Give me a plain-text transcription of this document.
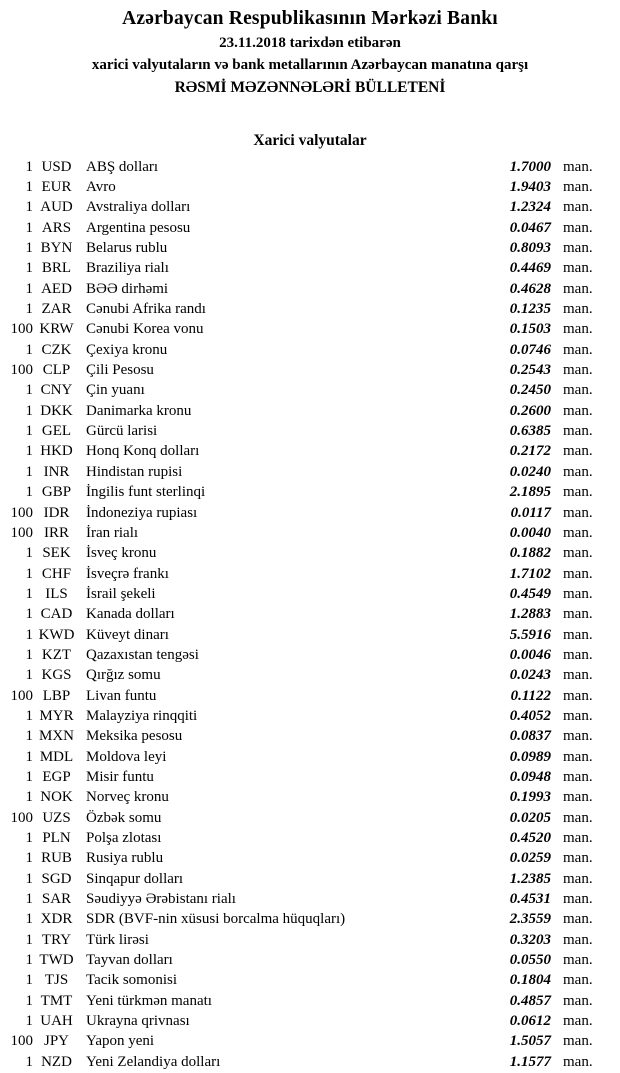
Azərbaycan Respublikasının Mərkəzi Bankı
23.11.2018 tarixdən etibarən
xarici valyutaların və bank metallarının Azərbaycan manatına qarşı
RƏSMİ MƏZƏNNƏLƏRİ BÜLLETENİ
Xarici valyutalar
1 USD ABŞ dolları	1.7000 man.
1 EUR Avro	1.9403 man.
1 AUD Avstraliya dolları	1.2324 man.
1 ARS Argentina pesosu	0.0467 man.
1 BYN Belarus rublu	0.8093 man.
1 BRL Braziliya rialı	0.4469 man.
1 AED BƏƏ dirhəmi	0.4628 man.
1 ZAR Cənubi Afrika randı	0.1235 man.
100 KRW Cənubi Korea vonu	0.1503 man.
1 CZK Çexiya kronu	0.0746 man.
100 CLP	Çili Pesosu	0.2543 man.
1 CNY Çin yuanı	0.2450 man.
1 DKK Danimarka kronu	0.2600 man.
1 GEL Gürcü larisi	0.6385 man.
1 HKD Honq Konq dolları	0.2172 man.
1 INR	Hindistan rupisi	0.0240 man.
1 GBP İngilis funt sterlinqi	2.1895 man.
100 IDR	İndoneziya rupiası	0.0117 man.
100 IRR	İran rialı	0.0040 man.
1 SEK	İsveç kronu	0.1882 man.
1 CHF İsveçrə frankı	1.7102 man.
1 ILS	İsrail şekeli	0.4549 man.
1 CAD Kanada dolları	1.2883 man.
1 KWD Küveyt dinarı	5.5916 man.
1 KZT Qazaxıstan tengəsi	0.0046 man.
1 KGS Qırğız somu	0.0243 man.
100 LBP	Livan funtu	0.1122 man.
1 MYR Malayziya rinqqiti	0.4052 man.
1 MXN Meksika pesosu	0.0837 man.
1 MDL Moldova leyi	0.0989 man.
1 EGP	Misir funtu	0.0948 man.
1 NOK Norveç kronu	0.1993 man.
100 UZS	Özbək somu	0.0205 man.
1 PLN	Polşa zlotası	0.4520 man.
1 RUB Rusiya rublu	0.0259 man.
1 SGD Sinqapur dolları	1.2385 man.
1 SAR Səudiyyə Ərəbistanı rialı	0.4531 man.
1 XDR SDR (BVF-nin xüsusi borcalma hüquqları)	2.3559 man.
1 TRY Türk lirəsi	0.3203 man.
1 TWD Tayvan dolları	0.0550 man.
1 TJS	Tacik somonisi	0.1804 man.
1 TMT Yeni türkmən manatı	0.4857 man.
1 UAH Ukrayna qrivnası	0.0612 man.
100 JPY	Yapon yeni	1.5057 man.
1 NZD Yeni Zelandiya dolları	1.1577 man.
